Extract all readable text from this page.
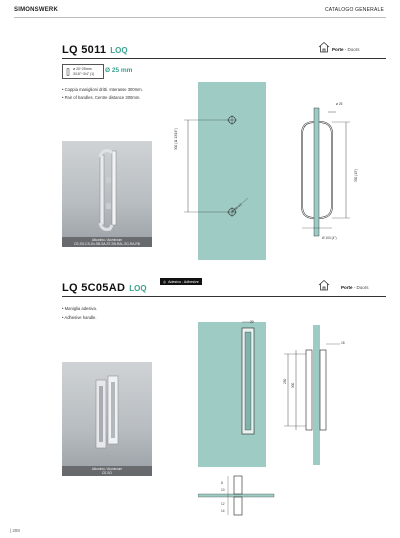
SIMONSWERK	CATALOGO GENERALE
LQ 5011 LOQ	Porte - Doors
ø 20÷25mm
3/16"÷3/4" (1) Ø 25 mm
• Coppia maniglioni dritti. Interasse 300mm.
• Pair of handles. Centre distance 300mm.
Alluminio / Aluminium
CE-SO-CS-Ox-SB-SA-ST-SN-RAL-SG-RA-RB
300 (11 13/16")
ø 10÷13
ø 25
330 (13")
Ø 103 (4")
LQ 5C05AD LOQ
◎ Adesivo - Adhesive
Porte - Doors
• Maniglia adesiva.
• Adhesive handle.
Alluminio / Aluminium
CE-SO
20
18
250
300
8
10
12
14
| 288
